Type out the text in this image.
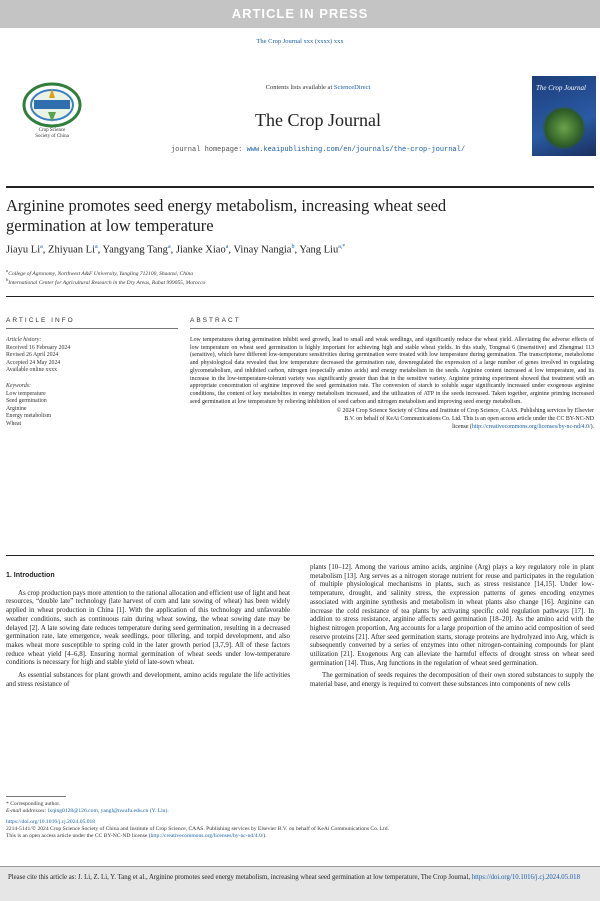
ARTICLE IN PRESS
The Crop Journal xxx (xxxx) xxx
Crop Science
Society of China
Contents lists available at ScienceDirect
The Crop Journal
journal homepage: www.keaipublishing.com/en/journals/the-crop-journal/
The Crop Journal
Arginine promotes seed energy metabolism, increasing wheat seed germination at low temperature
Jiayu Li$^a$, Zhiyuan Li$^a$, Yangyang Tang$^a$, Jianke Xiao$^a$, Vinay Nangia$^b$, Yang Liu$^{a,*}$
$^a$College of Agronomy, Northwest A&F University, Yangling 712100, Shaanxi, China
$^b$International Center for Agricultural Research in the Dry Areas, Rabat 999055, Morocco
ARTICLE INFO	ABSTRACT
Article history:
Received 16 February 2024
Revised 26 April 2024
Accepted 24 May 2024
Available online xxxx
Keywords:
Low temperature
Seed germination
Arginine
Energy metabolism
Wheat
Low temperatures during germination inhibit seed growth, lead to small and weak seedlings, and significantly reduce the wheat yield. Alleviating the adverse effects of low temperature on wheat seed germination is highly important for achieving high and stable wheat yields. In this study, Tongmai 6 (insensitive) and Zhengmai 113 (sensitive), which have different low-temperature sensitivities during germination were treated with low temperature during germination. The transcriptome, metabolome and physiological data revealed that low temperature decreased the germination rate, downregulated the expression of a large number of genes involved in regulating glycometabolism, and inhibited carbon, nitrogen (especially amino acids) and energy metabolism in the seeds. Arginine content increased at low temperature, and its increase in the low-temperature-tolerant variety was significantly greater than that in the sensitive variety. Arginine priming experiment showed that treatment with an appropriate concentration of arginine improved the seed germination rate. The conversion of starch to soluble sugar significantly increased under exogenous arginine conditions, the content of key metabolites in energy metabolism increased, and the utilization of ATP in the seeds increased. Taken together, arginine priming increased seed germination at low temperature by relieving inhibition of seed carbon and nitrogen metabolism and improving seed energy metabolism.
© 2024 Crop Science Society of China and Institute of Crop Science, CAAS. Publishing services by Elsevier
B.V. on behalf of KeAi Communications Co. Ltd. This is an open access article under the CC BY-NC-ND
license (http://creativecommons.org/licenses/by-nc-nd/4.0/).
1. Introduction

As crop production pays more attention to the rational allocation and efficient use of light and heat resources, “double late” technology (late harvest of corn and late sowing of wheat) has been widely applied in wheat production in China [1]. With the application of this technology and unfavorable weather conditions, such as continuous rain during wheat sowing, the wheat sowing date may be delayed [2]. A late sowing date reduces temperature during seed germination, resulting in a decreased germination rate, late emergence, weak seedlings, poor tillering, and torpid development, and also makes wheat more susceptible to spring cold in the later growth period [3,7,9]. All of these factors reduce wheat yield [4–6,8]. Ensuring normal germination of wheat seeds under low-temperature conditions is necessary for high and stable yield of late-sown wheat.

As essential substances for plant growth and development, amino acids regulate the life activities and stress resistance of

plants [10–12]. Among the various amino acids, arginine (Arg) plays a key regulatory role in plant metabolism [13]. Arg serves as a nitrogen storage nutrient for reuse and participates in the regulation of multiple physiological mechanisms in plants, such as stress resistance [14,15]. Under low-temperature, drought, and salinity stress, the expression patterns of genes encoding enzymes associated with arginine synthesis and metabolism in wheat plants also change [16]. Arginine can increase the cold resistance of tea plants by activating specific cold regulation pathways [17]. In addition to stress resistance, arginine affects seed germination [18–20]. As the amino acid with the highest nitrogen proportion, Arg accounts for a large proportion of the amino acid composition of seed reserve proteins [21]. After seed germination starts, storage proteins are hydrolyzed into Arg, which is subsequently converted by a series of enzymes into other nitrogen-containing compounds for plant utilization [21]. Exogenous Arg can alleviate the harmful effects of drought stress on wheat seed germination [14]. Thus, Arg functions in the regulation of wheat seed germination.

The germination of seeds requires the decomposition of their own stored substances to supply the material base, and energy is required to convert these substances into components of new cells

* Corresponding author.
E-mail addresses: lxqing0128@126.com, yangl@nwafu.edu.cn (Y. Liu).
https://doi.org/10.1016/j.cj.2024.05.018
2214-5141/© 2024 Crop Science Society of China and Institute of Crop Science, CAAS. Publishing services by Elsevier B.V. on behalf of KeAi Communications Co. Ltd.
This is an open access article under the CC BY-NC-ND license (http://creativecommons.org/licenses/by-nc-nd/4.0/).
Please cite this article as: J. Li, Z. Li, Y. Tang et al., Arginine promotes seed energy metabolism, increasing wheat seed germination at low temperature, The Crop Journal, https://doi.org/10.1016/j.cj.2024.05.018
